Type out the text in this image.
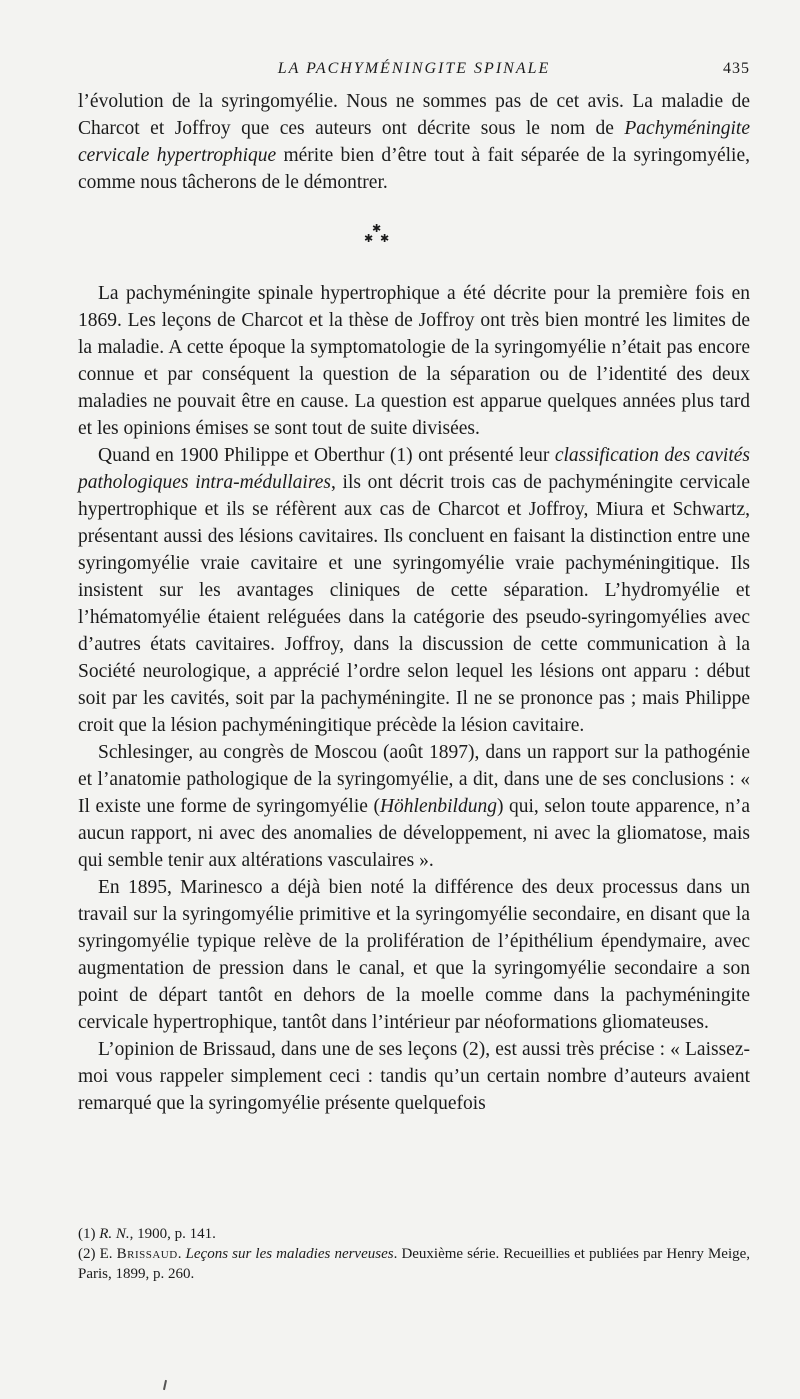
LA PACHYMÉNINGITE SPINALE	435

l’évolution de la syringomyélie. Nous ne sommes pas de cet avis. La maladie de Charcot et Joffroy que ces auteurs ont décrite sous le nom de Pachyméningite cervicale hypertrophique mérite bien d’être tout à fait séparée de la syringomyélie, comme nous tâcherons de le démontrer.

✱
✱ ✱

La pachyméningite spinale hypertrophique a été décrite pour la première fois en 1869. Les leçons de Charcot et la thèse de Joffroy ont très bien montré les limites de la maladie. A cette époque la symptomatologie de la syringomyélie n’était pas encore connue et par conséquent la question de la séparation ou de l’identité des deux maladies ne pouvait être en cause. La question est apparue quelques années plus tard et les opinions émises se sont tout de suite divisées.

Quand en 1900 Philippe et Oberthur (1) ont présenté leur classification des cavités pathologiques intra-médullaires, ils ont décrit trois cas de pachyméningite cervicale hypertrophique et ils se réfèrent aux cas de Charcot et Joffroy, Miura et Schwartz, présentant aussi des lésions cavitaires. Ils concluent en faisant la distinction entre une syringomyélie vraie cavitaire et une syringomyélie vraie pachyméningitique. Ils insistent sur les avantages cliniques de cette séparation. L’hydromyélie et l’hématomyélie étaient reléguées dans la catégorie des pseudo-syringomyélies avec d’autres états cavitaires. Joffroy, dans la discussion de cette communication à la Société neurologique, a apprécié l’ordre selon lequel les lésions ont apparu : début soit par les cavités, soit par la pachyméningite. Il ne se prononce pas ; mais Philippe croit que la lésion pachyméningitique précède la lésion cavitaire.

Schlesinger, au congrès de Moscou (août 1897), dans un rapport sur la pathogénie et l’anatomie pathologique de la syringomyélie, a dit, dans une de ses conclusions : « Il existe une forme de syringomyélie (Höhlenbildung) qui, selon toute apparence, n’a aucun rapport, ni avec des anomalies de développement, ni avec la gliomatose, mais qui semble tenir aux altérations vasculaires ».

En 1895, Marinesco a déjà bien noté la différence des deux processus dans un travail sur la syringomyélie primitive et la syringomyélie secondaire, en disant que la syringomyélie typique relève de la prolifération de l’épithélium épendymaire, avec augmentation de pression dans le canal, et que la syringomyélie secondaire a son point de départ tantôt en dehors de la moelle comme dans la pachyméningite cervicale hypertrophique, tantôt dans l’intérieur par néoformations gliomateuses.

L’opinion de Brissaud, dans une de ses leçons (2), est aussi très précise : « Laissez-moi vous rappeler simplement ceci : tandis qu’un certain nombre d’auteurs avaient remarqué que la syringomyélie présente quelquefois

(1) R. N., 1900, p. 141.

(2) E. Brissaud. Leçons sur les maladies nerveuses. Deuxième série. Recueillies et publiées par Henry Meige, Paris, 1899, p. 260.
